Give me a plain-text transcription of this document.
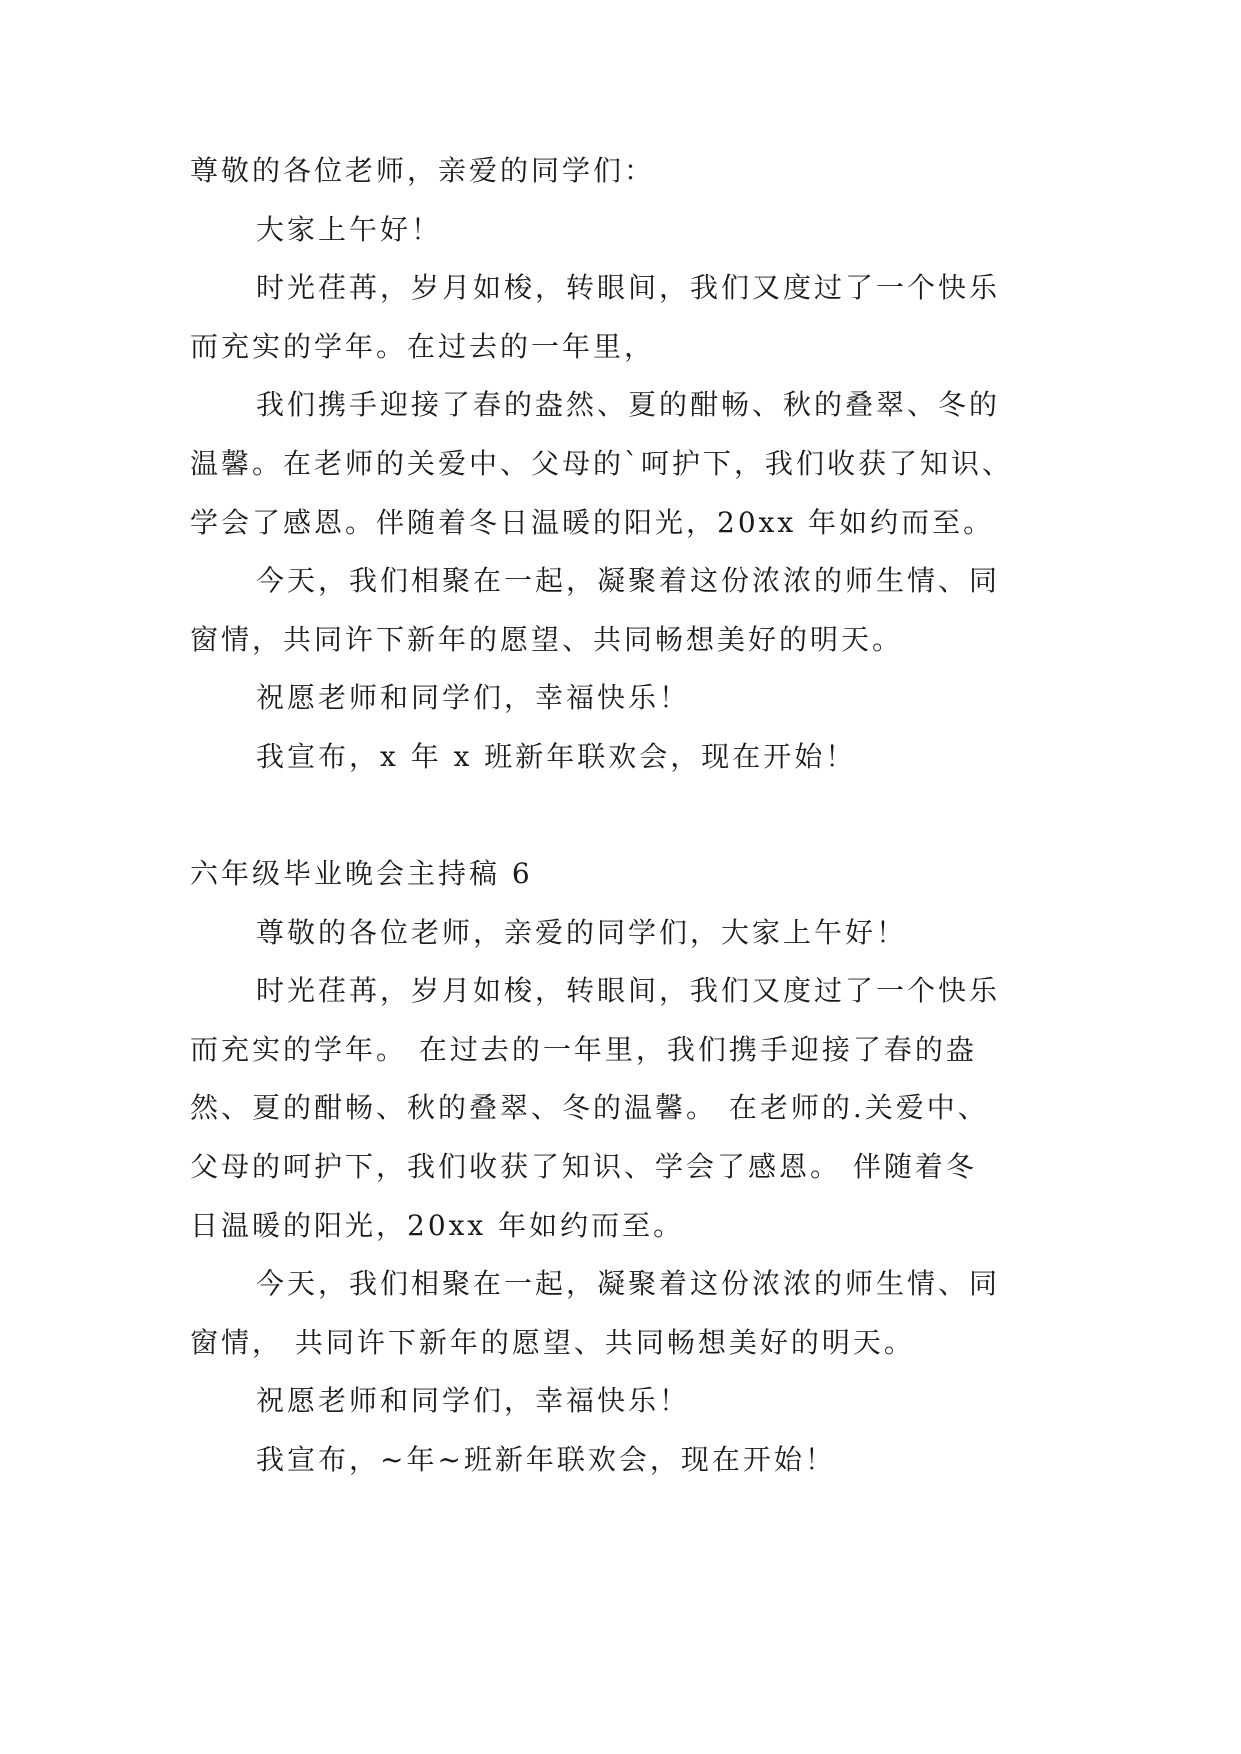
尊敬的各位老师，亲爱的同学们：
大家上午好！
时光荏苒，岁月如梭，转眼间，我们又度过了一个快乐
而充实的学年。在过去的一年里，
我们携手迎接了春的盎然、夏的酣畅、秋的叠翠、冬的
温馨。在老师的关爱中、父母的`呵护下，我们收获了知识、
学会了感恩。伴随着冬日温暖的阳光，20xx 年如约而至。
今天，我们相聚在一起，凝聚着这份浓浓的师生情、同
窗情，共同许下新年的愿望、共同畅想美好的明天。
祝愿老师和同学们，幸福快乐！
我宣布，x 年 x 班新年联欢会，现在开始！
六年级毕业晚会主持稿 6
尊敬的各位老师，亲爱的同学们，大家上午好！
时光荏苒，岁月如梭，转眼间，我们又度过了一个快乐
而充实的学年。 在过去的一年里，我们携手迎接了春的盎
然、夏的酣畅、秋的叠翠、冬的温馨。 在老师的.关爱中、
父母的呵护下，我们收获了知识、学会了感恩。 伴随着冬
日温暖的阳光，20xx 年如约而至。
今天，我们相聚在一起，凝聚着这份浓浓的师生情、同
窗情， 共同许下新年的愿望、共同畅想美好的明天。
祝愿老师和同学们，幸福快乐！
我宣布，~年~班新年联欢会，现在开始！
